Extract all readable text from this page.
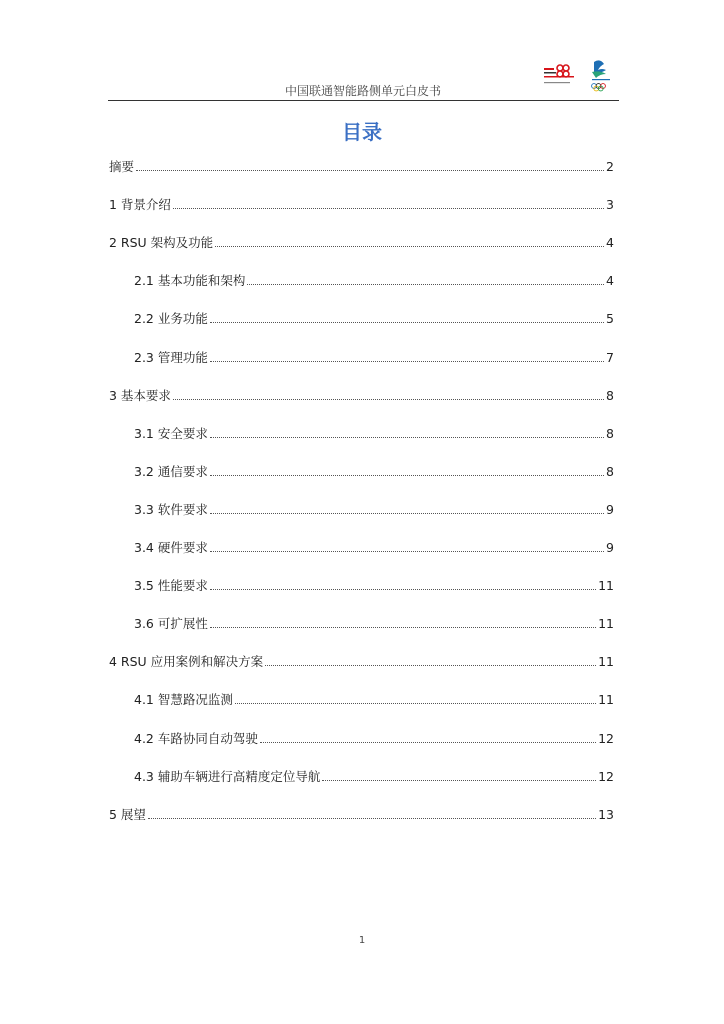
中国联通智能路侧单元白皮书
目录
摘要	2
1 背景介绍	3
2 RSU 架构及功能	4
2.1 基本功能和架构	4
2.2 业务功能	5
2.3 管理功能	7
3 基本要求	8
3.1 安全要求	8
3.2 通信要求	8
3.3 软件要求	9
3.4 硬件要求	9
3.5 性能要求	11
3.6 可扩展性	11
4 RSU 应用案例和解决方案	11
4.1 智慧路况监测	11
4.2 车路协同自动驾驶	12
4.3 辅助车辆进行高精度定位导航	12
5 展望	13
1
